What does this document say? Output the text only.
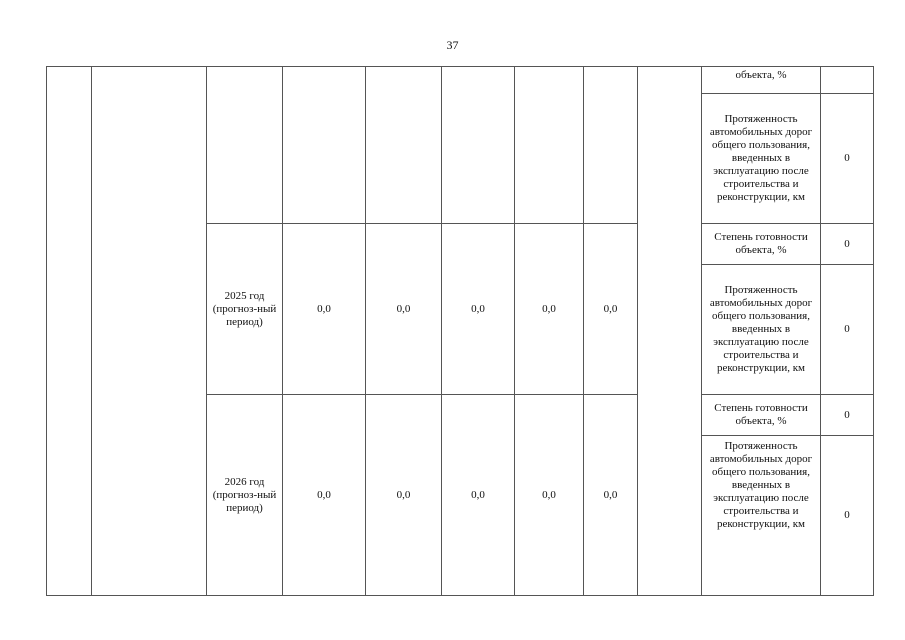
37
									объекта, %	
									Протяженность автомобильных дорог общего пользования, введенных в эксплуатацию после строительства и реконструкции, км	0
		2025 год (прогноз-ный период)	0,0	0,0	0,0	0,0	0,0		Степень готовности объекта, %	0
									Протяженность автомобильных дорог общего пользования, введенных в эксплуатацию после строительства и реконструкции, км	0
		2026 год (прогноз-ный период)	0,0	0,0	0,0	0,0	0,0		Степень готовности объекта, %	0
									Протяженность автомобильных дорог общего пользования, введенных в эксплуатацию после строительства и реконструкции, км	0
